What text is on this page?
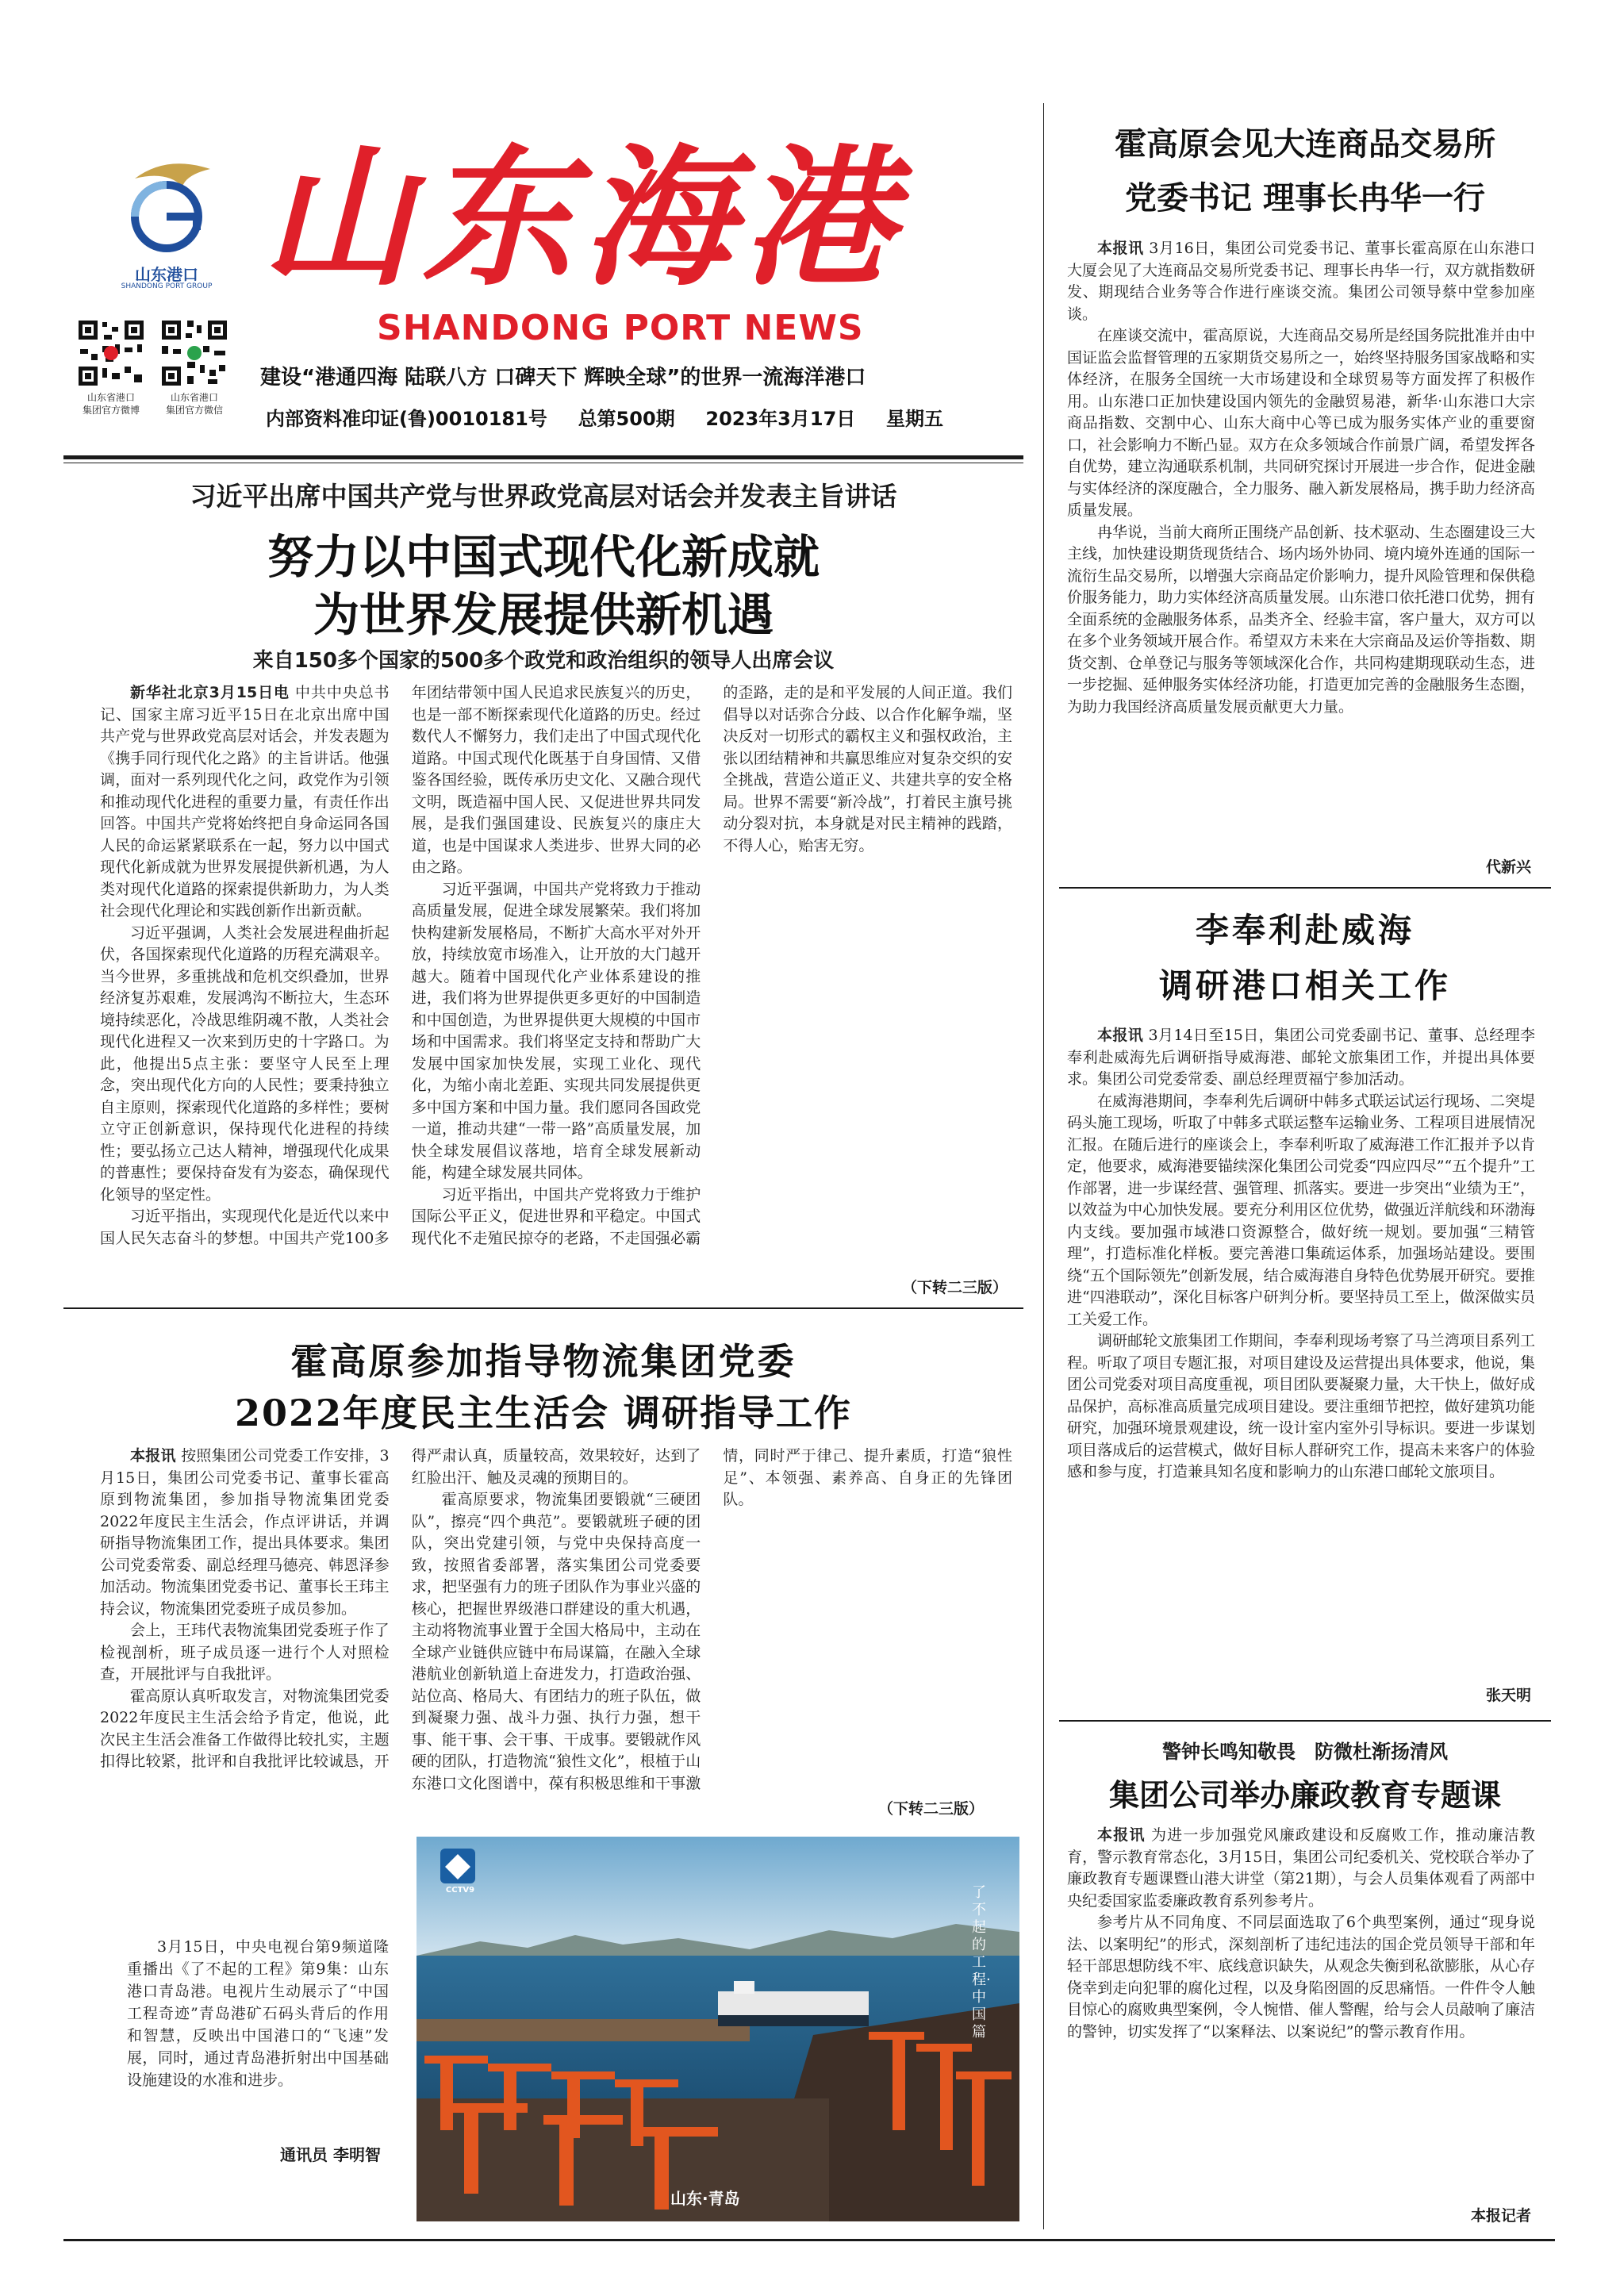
山东港口
SHANDONG PORT GROUP 山东海港
SHANDONG PORT NEWS
山东省港口
集团官方微博
山东省港口
集团官方微信
建设“港通四海 陆联八方 口碑天下 辉映全球”的世界一流海洋港口
内部资料准印证(鲁)0010181号 总第500期 2023年3月17日 星期五
习近平出席中国共产党与世界政党高层对话会并发表主旨讲话
努力以中国式现代化新成就
为世界发展提供新机遇
来自150多个国家的500多个政党和政治组织的领导人出席会议

新华社北京3月15日电 中共中央总书记、国家主席习近平15日在北京出席中国共产党与世界政党高层对话会，并发表题为《携手同行现代化之路》的主旨讲话。他强调，面对一系列现代化之问，政党作为引领和推动现代化进程的重要力量，有责任作出回答。中国共产党将始终把自身命运同各国人民的命运紧紧联系在一起，努力以中国式现代化新成就为世界发展提供新机遇，为人类对现代化道路的探索提供新助力，为人类社会现代化理论和实践创新作出新贡献。

习近平强调，人类社会发展进程曲折起伏，各国探索现代化道路的历程充满艰辛。当今世界，多重挑战和危机交织叠加，世界经济复苏艰难，发展鸿沟不断拉大，生态环境持续恶化，冷战思维阴魂不散，人类社会现代化进程又一次来到历史的十字路口。为此，他提出5点主张：要坚守人民至上理念，突出现代化方向的人民性；要秉持独立自主原则，探索现代化道路的多样性；要树立守正创新意识，保持现代化进程的持续性；要弘扬立己达人精神，增强现代化成果的普惠性；要保持奋发有为姿态，确保现代化领导的坚定性。

习近平指出，实现现代化是近代以来中国人民矢志奋斗的梦想。中国共产党100多年团结带领中国人民追求民族复兴的历史，也是一部不断探索现代化道路的历史。经过数代人不懈努力，我们走出了中国式现代化道路。中国式现代化既基于自身国情、又借鉴各国经验，既传承历史文化、又融合现代文明，既造福中国人民、又促进世界共同发展，是我们强国建设、民族复兴的康庄大道，也是中国谋求人类进步、世界大同的必由之路。

习近平强调，中国共产党将致力于推动高质量发展，促进全球发展繁荣。我们将加快构建新发展格局，不断扩大高水平对外开放，持续放宽市场准入，让开放的大门越开越大。随着中国现代化产业体系建设的推进，我们将为世界提供更多更好的中国制造和中国创造，为世界提供更大规模的中国市场和中国需求。我们将坚定支持和帮助广大发展中国家加快发展，实现工业化、现代化，为缩小南北差距、实现共同发展提供更多中国方案和中国力量。我们愿同各国政党一道，推动共建“一带一路”高质量发展，加快全球发展倡议落地，培育全球发展新动能，构建全球发展共同体。

习近平指出，中国共产党将致力于维护国际公平正义，促进世界和平稳定。中国式现代化不走殖民掠夺的老路，不走国强必霸的歪路，走的是和平发展的人间正道。我们倡导以对话弥合分歧、以合作化解争端，坚决反对一切形式的霸权主义和强权政治，主张以团结精神和共赢思维应对复杂交织的安全挑战，营造公道正义、共建共享的安全格局。世界不需要“新冷战”，打着民主旗号挑动分裂对抗，本身就是对民主精神的践踏，不得人心，贻害无穷。

（下转二三版）
霍高原参加指导物流集团党委
2022年度民主生活会 调研指导工作

本报讯 按照集团公司党委工作安排，3月15日，集团公司党委书记、董事长霍高原到物流集团，参加指导物流集团党委2022年度民主生活会，作点评讲话，并调研指导物流集团工作，提出具体要求。集团公司党委常委、副总经理马德亮、韩恩泽参加活动。物流集团党委书记、董事长王玮主持会议，物流集团党委班子成员参加。

会上，王玮代表物流集团党委班子作了检视剖析，班子成员逐一进行个人对照检查，开展批评与自我批评。

霍高原认真听取发言，对物流集团党委2022年度民主生活会给予肯定，他说，此次民主生活会准备工作做得比较扎实，主题扣得比较紧，批评和自我批评比较诚恳，开得严肃认真，质量较高，效果较好，达到了红脸出汗、触及灵魂的预期目的。

霍高原要求，物流集团要锻就“三硬团队”，擦亮“四个典范”。要锻就班子硬的团队，突出党建引领，与党中央保持高度一致，按照省委部署，落实集团公司党委要求，把坚强有力的班子团队作为事业兴盛的核心，把握世界级港口群建设的重大机遇，主动将物流事业置于全国大格局中，主动在全球产业链供应链中布局谋篇，在融入全球港航业创新轨道上奋进发力，打造政治强、站位高、格局大、有团结力的班子队伍，做到凝聚力强、战斗力强、执行力强，想干事、能干事、会干事、干成事。要锻就作风硬的团队，打造物流“狼性文化”，根植于山东港口文化图谱中，葆有积极思维和干事激情，同时严于律己、提升素质，打造“狼性足”、本领强、素养高、自身正的先锋团队。

（下转二三版）

3月15日，中央电视台第9频道隆重播出《了不起的工程》第9集：山东港口青岛港。电视片生动展示了“中国工程奇迹”青岛港矿石码头背后的作用和智慧，反映出中国港口的“飞速”发展，同时，通过青岛港折射出中国基础设施建设的水准和进步。

通讯员 李明智
CCTV9
山东·青岛
了不起的工程·中国篇
霍高原会见大连商品交易所
党委书记 理事长冉华一行

本报讯 3月16日，集团公司党委书记、董事长霍高原在山东港口大厦会见了大连商品交易所党委书记、理事长冉华一行，双方就指数研发、期现结合业务等合作进行座谈交流。集团公司领导蔡中堂参加座谈。

在座谈交流中，霍高原说，大连商品交易所是经国务院批准并由中国证监会监督管理的五家期货交易所之一，始终坚持服务国家战略和实体经济，在服务全国统一大市场建设和全球贸易等方面发挥了积极作用。山东港口正加快建设国内领先的金融贸易港，新华·山东港口大宗商品指数、交割中心、山东大商中心等已成为服务实体产业的重要窗口，社会影响力不断凸显。双方在众多领域合作前景广阔，希望发挥各自优势，建立沟通联系机制，共同研究探讨开展进一步合作，促进金融与实体经济的深度融合，全力服务、融入新发展格局，携手助力经济高质量发展。

冉华说，当前大商所正围绕产品创新、技术驱动、生态圈建设三大主线，加快建设期货现货结合、场内场外协同、境内境外连通的国际一流衍生品交易所，以增强大宗商品定价影响力，提升风险管理和保供稳价服务能力，助力实体经济高质量发展。山东港口依托港口优势，拥有全面系统的金融服务体系，品类齐全、经验丰富，客户量大，双方可以在多个业务领域开展合作。希望双方未来在大宗商品及运价等指数、期货交割、仓单登记与服务等领域深化合作，共同构建期现联动生态，进一步挖掘、延伸服务实体经济功能，打造更加完善的金融服务生态圈，为助力我国经济高质量发展贡献更大力量。

代新兴
李奉利赴威海
调研港口相关工作

本报讯 3月14日至15日，集团公司党委副书记、董事、总经理李奉利赴威海先后调研指导威海港、邮轮文旅集团工作，并提出具体要求。集团公司党委常委、副总经理贾福宁参加活动。

在威海港期间，李奉利先后调研中韩多式联运试运行现场、二突堤码头施工现场，听取了中韩多式联运整车运输业务、工程项目进展情况汇报。在随后进行的座谈会上，李奉利听取了威海港工作汇报并予以肯定，他要求，威海港要锚续深化集团公司党委“四应四尽”“五个提升”工作部署，进一步谋经营、强管理、抓落实。要进一步突出“业绩为王”，以效益为中心加快发展。要充分利用区位优势，做强近洋航线和环渤海内支线。要加强市域港口资源整合，做好统一规划。要加强“三精管理”，打造标准化样板。要完善港口集疏运体系，加强场站建设。要围绕“五个国际领先”创新发展，结合威海港自身特色优势展开研究。要推进“四港联动”，深化目标客户研判分析。要坚持员工至上，做深做实员工关爱工作。

调研邮轮文旅集团工作期间，李奉利现场考察了马兰湾项目系列工程。听取了项目专题汇报，对项目建设及运营提出具体要求，他说，集团公司党委对项目高度重视，项目团队要凝聚力量，大干快上，做好成品保护，高标准高质量完成项目建设。要注重细节把控，做好建筑功能研究，加强环境景观建设，统一设计室内室外引导标识。要进一步谋划项目落成后的运营模式，做好目标人群研究工作，提高未来客户的体验感和参与度，打造兼具知名度和影响力的山东港口邮轮文旅项目。

张天明
警钟长鸣知敬畏　防微杜渐扬清风
集团公司举办廉政教育专题课

本报讯 为进一步加强党风廉政建设和反腐败工作，推动廉洁教育，警示教育常态化，3月15日，集团公司纪委机关、党校联合举办了廉政教育专题课暨山港大讲堂（第21期），与会人员集体观看了两部中央纪委国家监委廉政教育系列参考片。

参考片从不同角度、不同层面选取了6个典型案例，通过“现身说法、以案明纪”的形式，深刻剖析了违纪违法的国企党员领导干部和年轻干部思想防线不牢、底线意识缺失，从观念失衡到私欲膨胀，从心存侥幸到走向犯罪的腐化过程，以及身陷囹圄的反思痛悟。一件件令人触目惊心的腐败典型案例，令人惋惜、催人警醒，给与会人员敲响了廉洁的警钟，切实发挥了“以案释法、以案说纪”的警示教育作用。

本报记者
